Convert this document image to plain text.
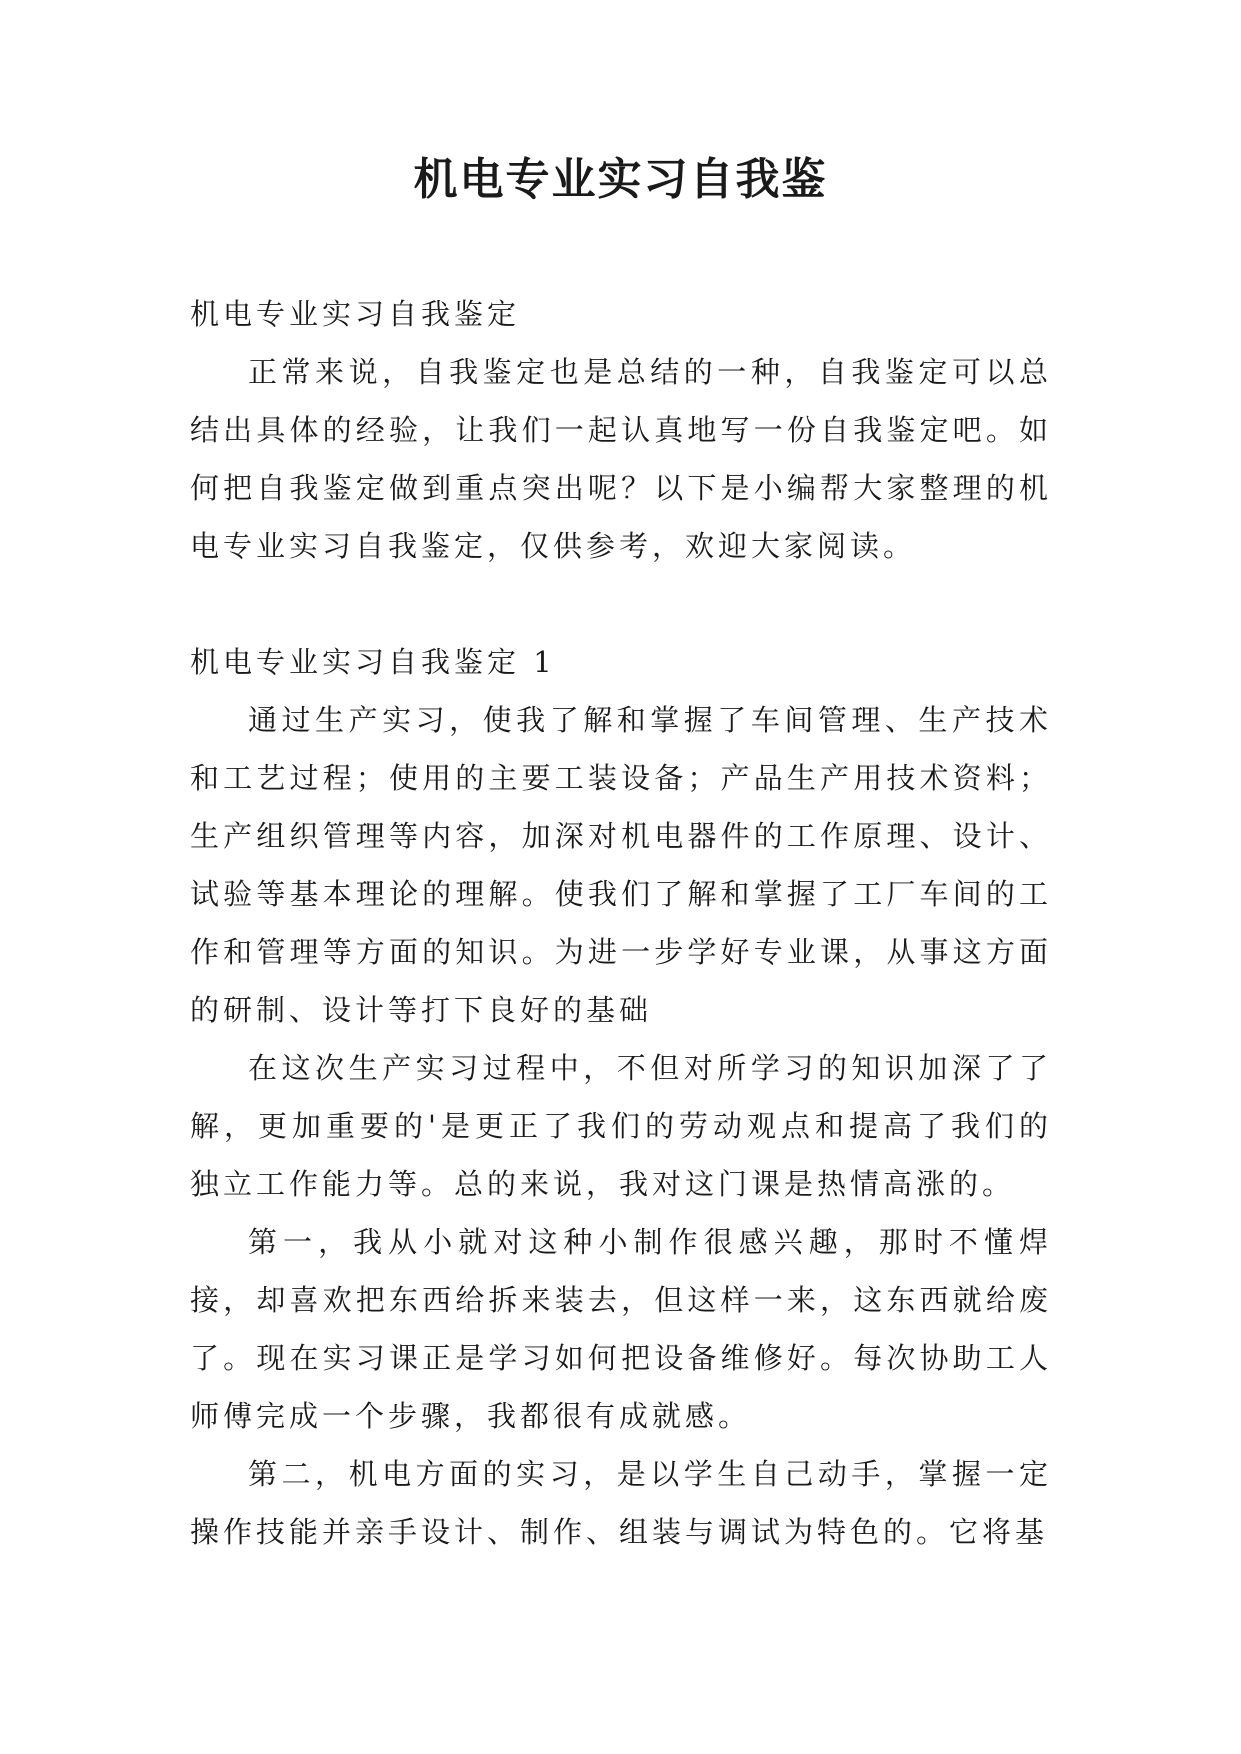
机电专业实习自我鉴
机电专业实习自我鉴定

正常来说，自我鉴定也是总结的一种，自我鉴定可以总结出具体的经验，让我们一起认真地写一份自我鉴定吧。如何把自我鉴定做到重点突出呢？以下是小编帮大家整理的机电专业实习自我鉴定，仅供参考，欢迎大家阅读。

机电专业实习自我鉴定 1

通过生产实习，使我了解和掌握了车间管理、生产技术和工艺过程；使用的主要工装设备；产品生产用技术资料；生产组织管理等内容，加深对机电器件的工作原理、设计、试验等基本理论的理解。使我们了解和掌握了工厂车间的工作和管理等方面的知识。为进一步学好专业课，从事这方面的研制、设计等打下良好的基础

在这次生产实习过程中，不但对所学习的知识加深了了解，更加重要的'是更正了我们的劳动观点和提高了我们的独立工作能力等。总的来说，我对这门课是热情高涨的。

第一，我从小就对这种小制作很感兴趣，那时不懂焊接，却喜欢把东西给拆来装去，但这样一来，这东西就给废了。现在实习课正是学习如何把设备维修好。每次协助工人师傅完成一个步骤，我都很有成就感。

第二，机电方面的实习，是以学生自己动手，掌握一定操作技能并亲手设计、制作、组装与调试为特色的。它将基
